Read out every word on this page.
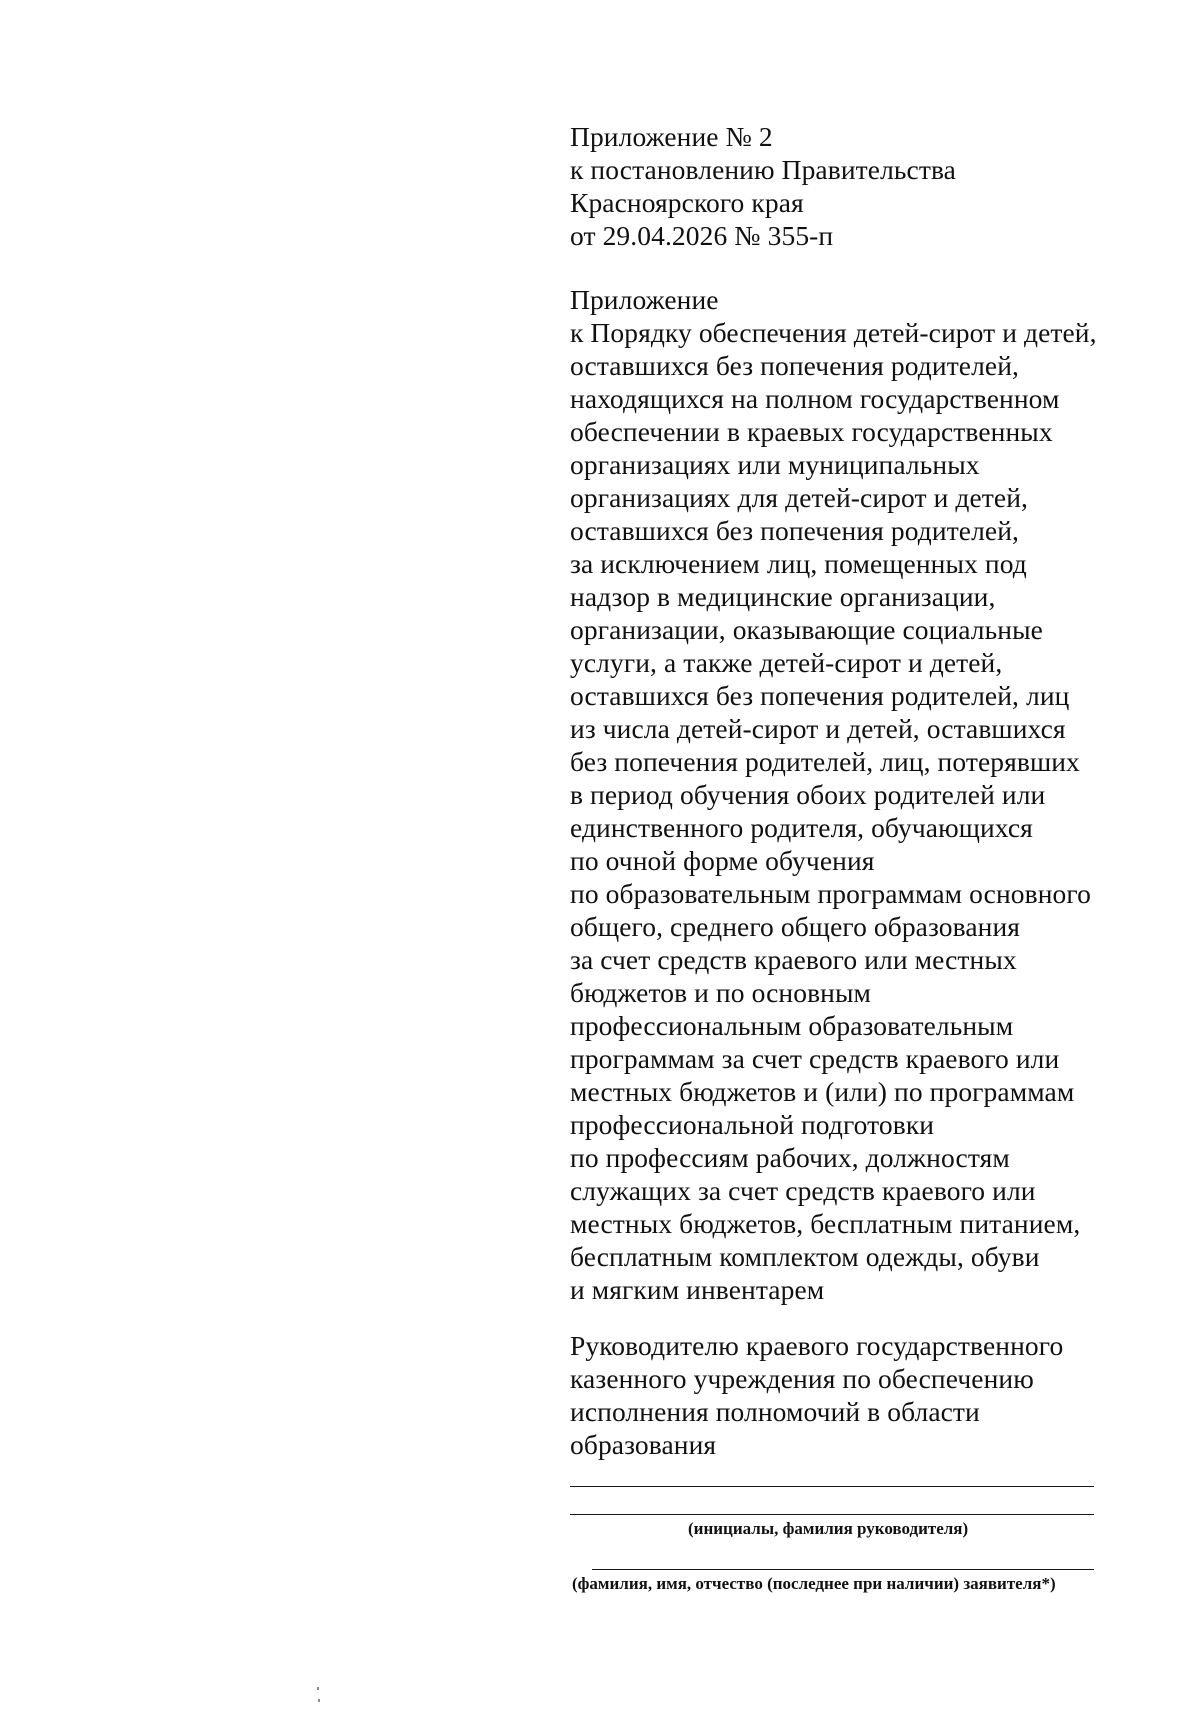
Приложение № 2
к постановлению Правительства
Красноярского края
от 29.04.2026 № 355-п
Приложение
к Порядку обеспечения детей-сирот и детей,
оставшихся без попечения родителей,
находящихся на полном государственном
обеспечении в краевых государственных
организациях или муниципальных
организациях для детей-сирот и детей,
оставшихся без попечения родителей,
за исключением лиц, помещенных под
надзор в медицинские организации,
организации, оказывающие социальные
услуги, а также детей-сирот и детей,
оставшихся без попечения родителей, лиц
из числа детей-сирот и детей, оставшихся
без попечения родителей, лиц, потерявших
в период обучения обоих родителей или
единственного родителя, обучающихся
по очной форме обучения
по образовательным программам основного
общего, среднего общего образования
за счет средств краевого или местных
бюджетов и по основным
профессиональным образовательным
программам за счет средств краевого или
местных бюджетов и (или) по программам
профессиональной подготовки
по профессиям рабочих, должностям
служащих за счет средств краевого или
местных бюджетов, бесплатным питанием,
бесплатным комплектом одежды, обуви
и мягким инвентарем
Руководителю краевого государственного
казенного учреждения по обеспечению
исполнения полномочий в области
образования
(инициалы, фамилия руководителя)
(фамилия, имя, отчество (последнее при наличии) заявителя*)
